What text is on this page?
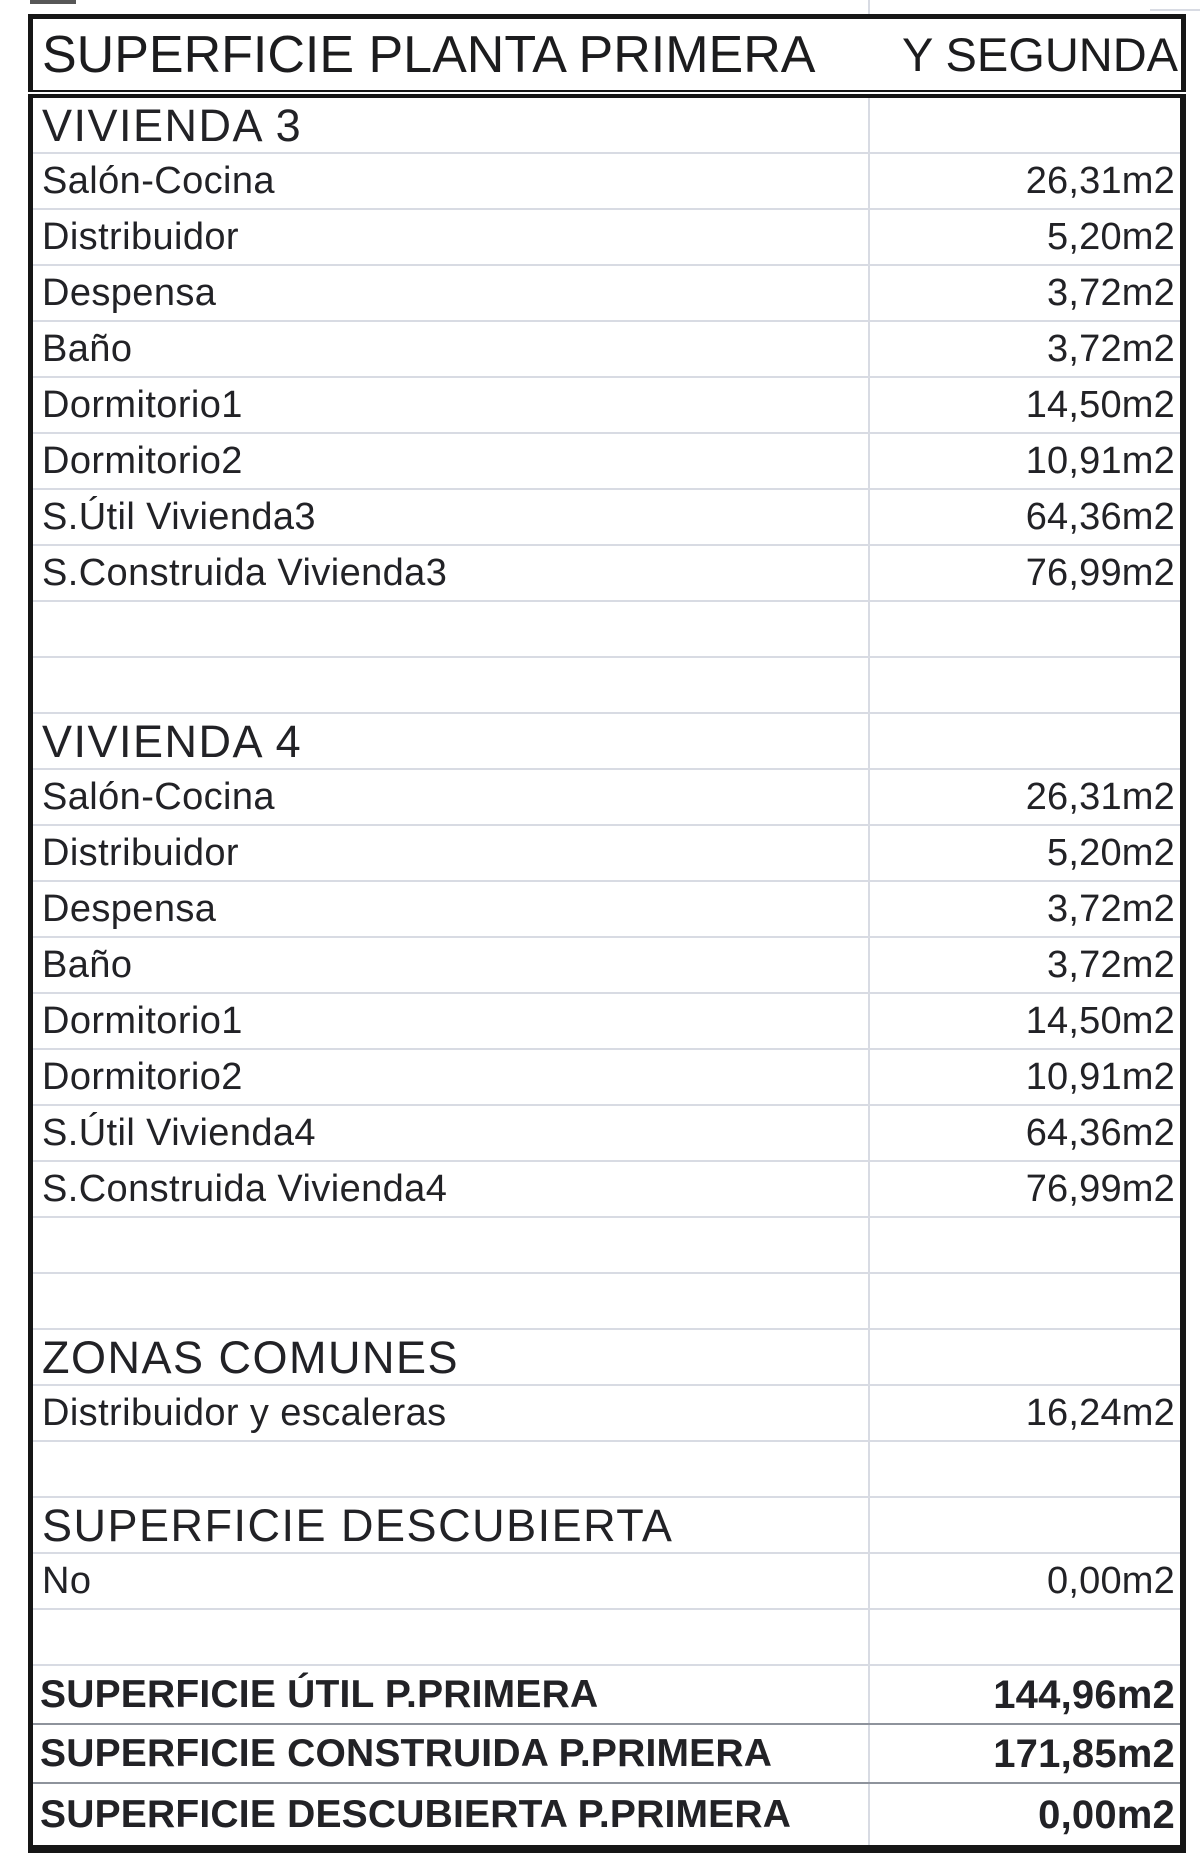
SUPERFICIE PLANTA PRIMERA Y SEGUNDA
VIVIENDA 3
Salón-Cocina	26,31m2
Distribuidor	5,20m2
Despensa	3,72m2
Baño	3,72m2
Dormitorio1	14,50m2
Dormitorio2	10,91m2
S.Útil Vivienda3	64,36m2
S.Construida Vivienda3	76,99m2
VIVIENDA 4
Salón-Cocina	26,31m2
Distribuidor	5,20m2
Despensa	3,72m2
Baño	3,72m2
Dormitorio1	14,50m2
Dormitorio2	10,91m2
S.Útil Vivienda4	64,36m2
S.Construida Vivienda4	76,99m2
ZONAS COMUNES
Distribuidor y escaleras	16,24m2
SUPERFICIE DESCUBIERTA
No	0,00m2
SUPERFICIE ÚTIL P.PRIMERA	144,96m2
SUPERFICIE CONSTRUIDA P.PRIMERA	171,85m2
SUPERFICIE DESCUBIERTA P.PRIMERA	0,00m2
